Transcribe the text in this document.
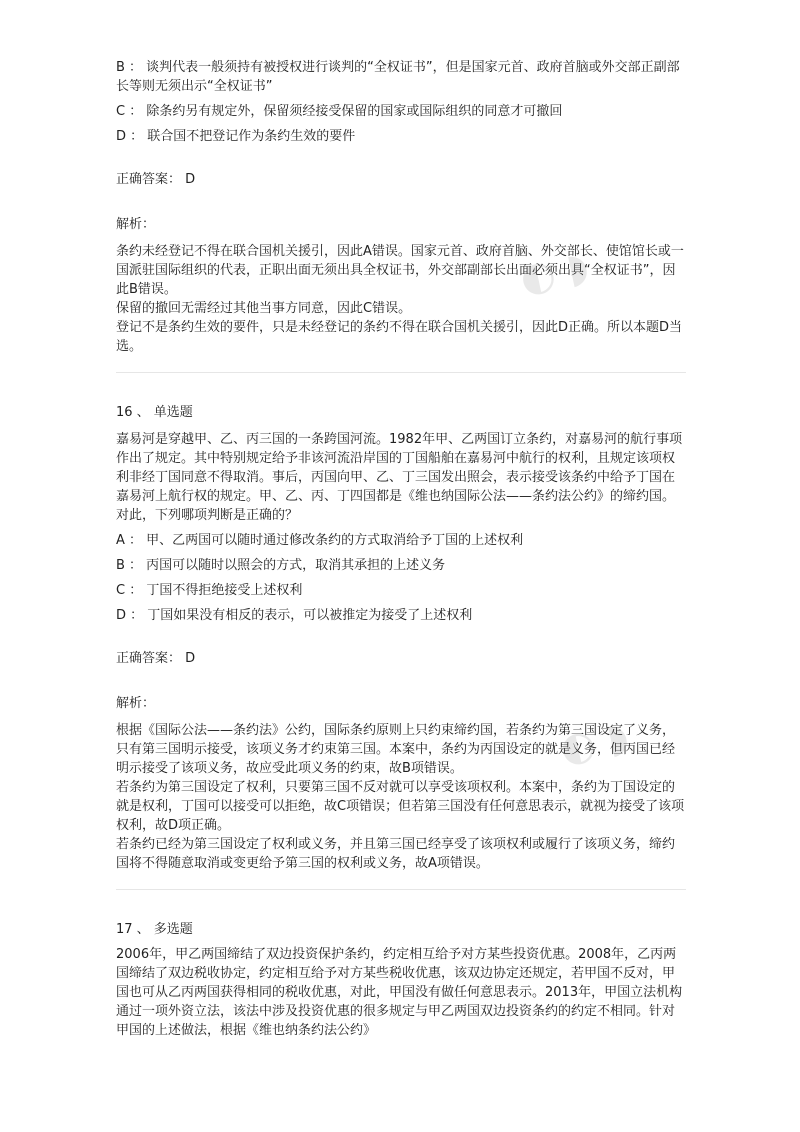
B ： 谈判代表一般须持有被授权进行谈判的“全权证书”，但是国家元首、政府首脑或外交部正副部长等则无须出示“全权证书”

C ： 除条约另有规定外，保留须经接受保留的国家或国际组织的同意才可撤回

D ： 联合国不把登记作为条约生效的要件

正确答案： D

解析：

条约未经登记不得在联合国机关援引，因此A错误。国家元首、政府首脑、外交部长、使馆馆长或一国派驻国际组织的代表，正职出面无须出具全权证书，外交部副部长出面必须出具“全权证书”，因此B错误。

保留的撤回无需经过其他当事方同意，因此C错误。

登记不是条约生效的要件，只是未经登记的条约不得在联合国机关援引，因此D正确。所以本题D当选。

16 、 单选题

嘉易河是穿越甲、乙、丙三国的一条跨国河流。1982年甲、乙两国订立条约，对嘉易河的航行事项作出了规定。其中特别规定给予非该河流沿岸国的丁国船舶在嘉易河中航行的权利，且规定该项权利非经丁国同意不得取消。事后，丙国向甲、乙、丁三国发出照会，表示接受该条约中给予丁国在嘉易河上航行权的规定。甲、乙、丙、丁四国都是《维也纳国际公法——条约法公约》的缔约国。对此，下列哪项判断是正确的？

A ： 甲、乙两国可以随时通过修改条约的方式取消给予丁国的上述权利

B ： 丙国可以随时以照会的方式，取消其承担的上述义务

C ： 丁国不得拒绝接受上述权利

D ： 丁国如果没有相反的表示，可以被推定为接受了上述权利

正确答案： D

解析：

根据《国际公法——条约法》公约，国际条约原则上只约束缔约国，若条约为第三国设定了义务，只有第三国明示接受，该项义务才约束第三国。本案中，条约为丙国设定的就是义务，但丙国已经明示接受了该项义务，故应受此项义务的约束，故B项错误。

若条约为第三国设定了权利，只要第三国不反对就可以享受该项权利。本案中，条约为丁国设定的就是权利，丁国可以接受可以拒绝，故C项错误；但若第三国没有任何意思表示，就视为接受了该项权利，故D项正确。

若条约已经为第三国设定了权利或义务，并且第三国已经享受了该项权利或履行了该项义务，缔约国将不得随意取消或变更给予第三国的权利或义务，故A项错误。

17 、 多选题

2006年，甲乙两国缔结了双边投资保护条约，约定相互给予对方某些投资优惠。2008年，乙丙两国缔结了双边税收协定，约定相互给予对方某些税收优惠，该双边协定还规定，若甲国不反对，甲国也可从乙丙两国获得相同的税收优惠，对此，甲国没有做任何意思表示。2013年，甲国立法机构通过一项外资立法，该法中涉及投资优惠的很多规定与甲乙两国双边投资条约的约定不相同。针对甲国的上述做法，根据《维也纳条约法公约》

◐ ◗
◐ ◗
